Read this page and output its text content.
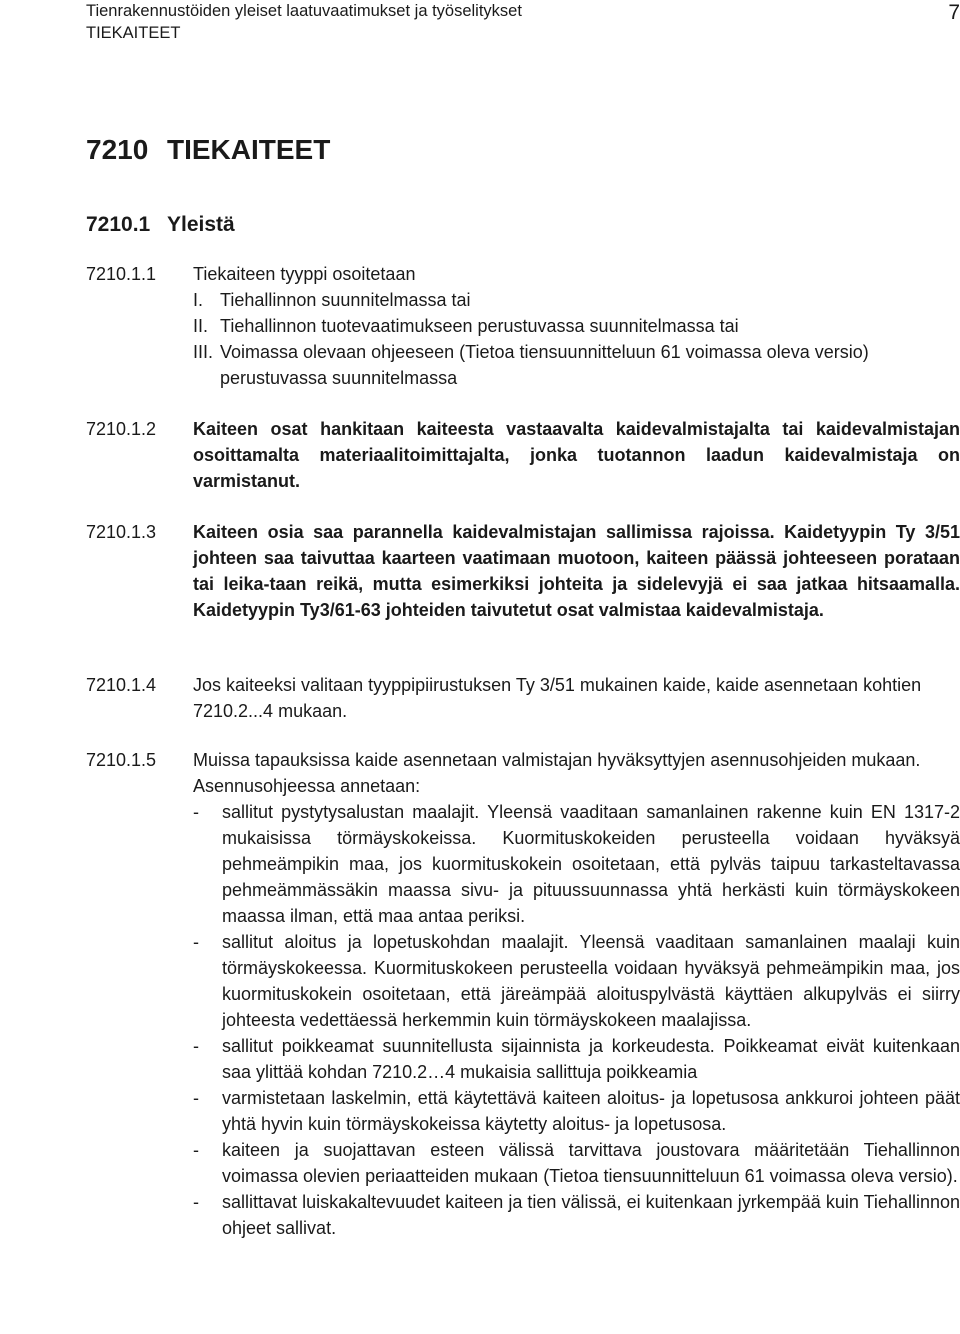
Tienrakennustöiden yleiset laatuvaatimukset ja työselitykset
TIEKAITEET
7
7210 TIEKAITEET
7210.1 Yleistä
7210.1.1 Tiekaiteen tyyppi osoitetaan

I. Tiehallinnon suunnitelmassa tai
II. Tiehallinnon tuotevaatimukseen perustuvassa suunnitelmassa tai
III. Voimassa olevaan ohjeeseen (Tietoa tiensuunnitteluun 61 voimassa oleva versio) perustuvassa suunnitelmassa
7210.1.2 Kaiteen osat hankitaan kaiteesta vastaavalta kaidevalmistajalta tai kaidevalmistajan osoittamalta materiaalitoimittajalta, jonka tuotannon laadun kaidevalmistaja on varmistanut.

7210.1.3 Kaiteen osia saa parannella kaidevalmistajan sallimissa rajoissa. Kaidetyypin Ty 3/51 johteen saa taivuttaa kaarteen vaatimaan muotoon, kaiteen päässä johteeseen porataan tai leika-taan reikä, mutta esimerkiksi johteita ja sidelevyjä ei saa jatkaa hitsaamalla. Kaidetyypin Ty3/61-63 johteiden taivutetut osat valmistaa kaidevalmistaja.

7210.1.4 Jos kaiteeksi valitaan tyyppipiirustuksen Ty 3/51 mukainen kaide, kaide asennetaan kohtien 7210.2...4 mukaan.

7210.1.5 Muissa tapauksissa kaide asennetaan valmistajan hyväksyttyjen asennusohjeiden mukaan.

Asennusohjeessa annetaan:

- sallitut pystytysalustan maalajit. Yleensä vaaditaan samanlainen rakenne kuin EN 1317-2 mukaisissa törmäyskokeissa. Kuormituskokeiden perusteella voidaan hyväksyä pehmeämpikin maa, jos kuormituskokein osoitetaan, että pylväs taipuu tarkasteltavassa pehmeämmässäkin maassa sivu- ja pituussuunnassa yhtä herkästi kuin törmäyskokeen maassa ilman, että maa antaa periksi.
- sallitut aloitus ja lopetuskohdan maalajit. Yleensä vaaditaan samanlainen maalaji kuin törmäyskokeessa. Kuormituskokeen perusteella voidaan hyväksyä pehmeämpikin maa, jos kuormituskokein osoitetaan, että järeämpää aloituspylvästä käyttäen alkupylväs ei siirry johteesta vedettäessä herkemmin kuin törmäyskokeen maalajissa.
- sallitut poikkeamat suunnitellusta sijainnista ja korkeudesta. Poikkeamat eivät kuitenkaan saa ylittää kohdan 7210.2…4 mukaisia sallittuja poikkeamia
- varmistetaan laskelmin, että käytettävä kaiteen aloitus- ja lopetusosa ankkuroi johteen päät yhtä hyvin kuin törmäyskokeissa käytetty aloitus- ja lopetusosa.
- kaiteen ja suojattavan esteen välissä tarvittava joustovara määritetään Tiehallinnon voimassa olevien periaatteiden mukaan (Tietoa tiensuunnitteluun 61 voimassa oleva versio).
- sallittavat luiskakaltevuudet kaiteen ja tien välissä, ei kuitenkaan jyrkempää kuin Tiehallinnon ohjeet sallivat.
